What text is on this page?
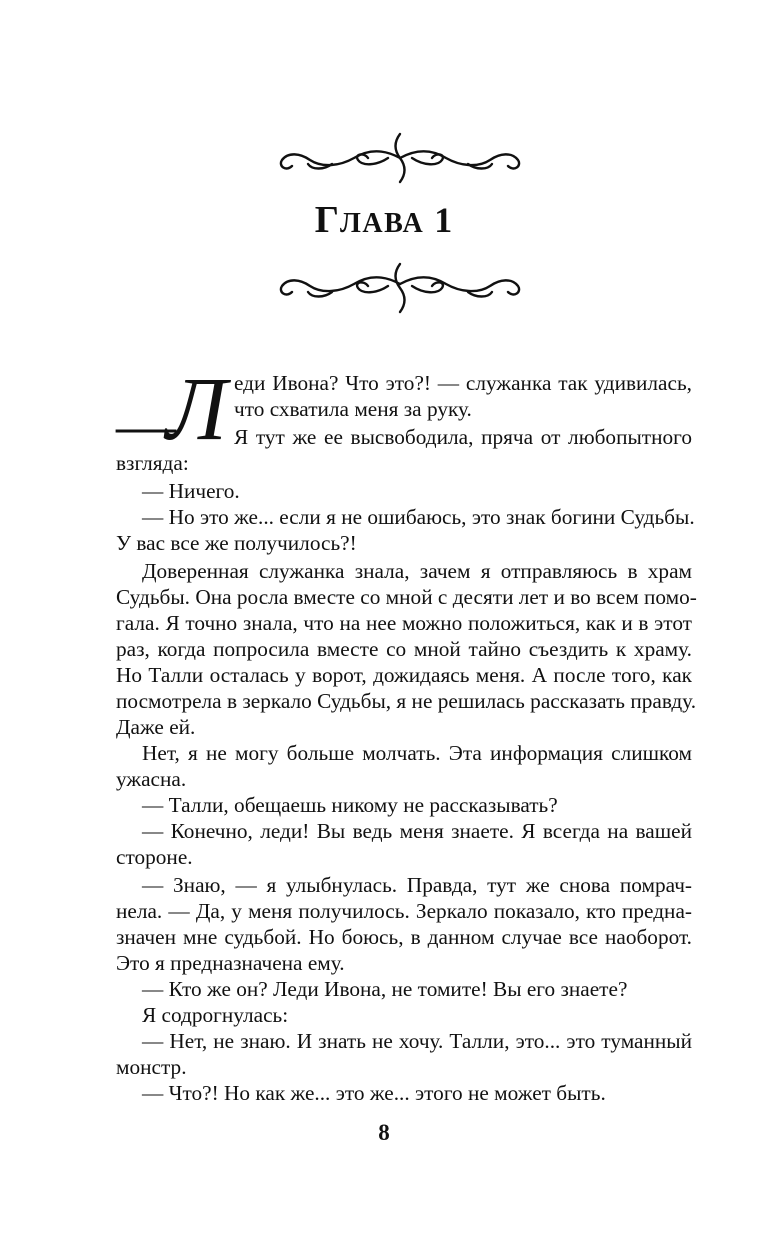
ГЛАВА 1
—
Л еди Ивона? Что это?! — служанка так удивилась,
что схватила меня за руку.
Я тут же ее высвободила, пряча от любопытного
взгляда:
— Ничего.
— Но это же... если я не ошибаюсь, это знак богини Судьбы.
У вас все же получилось?!
Доверенная служанка знала, зачем я отправляюсь в храм
Судьбы. Она росла вместе со мной с десяти лет и во всем помо-
гала. Я точно знала, что на нее можно положиться, как и в этот
раз, когда попросила вместе со мной тайно съездить к храму.
Но Талли осталась у ворот, дожидаясь меня. А после того, как
посмотрела в зеркало Судьбы, я не решилась рассказать правду.
Даже ей.
Нет, я не могу больше молчать. Эта информация слишком
ужасна.
— Талли, обещаешь никому не рассказывать?
— Конечно, леди! Вы ведь меня знаете. Я всегда на вашей
стороне.
— Знаю, — я улыбнулась. Правда, тут же снова помрач-
нела. — Да, у меня получилось. Зеркало показало, кто предна-
значен мне судьбой. Но боюсь, в данном случае все наоборот.
Это я предназначена ему.
— Кто же он? Леди Ивона, не томите! Вы его знаете?
Я содрогнулась:
— Нет, не знаю. И знать не хочу. Талли, это... это туманный
монстр.
— Что?! Но как же... это же... этого не может быть.
8
